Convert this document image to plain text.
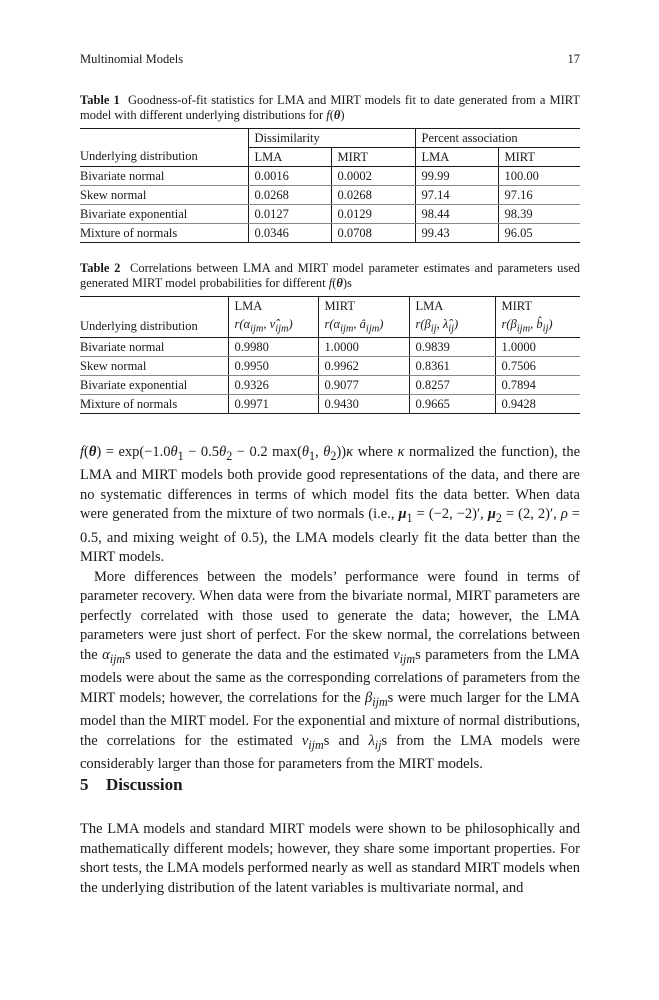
Multinomial Models	17
Table 1 Goodness-of-fit statistics for LMA and MIRT models fit to date generated from a MIRT model with different underlying distributions for f(θ)
	Dissimilarity		Percent association	
Underlying distribution	LMA	MIRT	LMA	MIRT
Bivariate normal	0.0016	0.0002	99.99	100.00
Skew normal	0.0268	0.0268	97.14	97.16
Bivariate exponential	0.0127	0.0129	98.44	98.39
Mixture of normals	0.0346	0.0708	99.43	96.05
Table 2 Correlations between LMA and MIRT model parameter estimates and parameters used generated MIRT model probabilities for different f(θ)s
	LMA	MIRT	LMA	MIRT
Underlying distribution	$r(\alpha_{ijm}$, $\nû_{ijm}$)	$r(\alpha_{ijm}$, $â_{ijm}$)	$r(\beta_{ij}$, $\lambdâ_{ij}$)	$r(\beta_{ijm}$, $b̂_{ij}$)
Bivariate normal	0.9980	1.0000	0.9839	1.0000
Skew normal	0.9950	0.9962	0.8361	0.7506
Bivariate exponential	0.9326	0.9077	0.8257	0.7894
Mixture of normals	0.9971	0.9430	0.9665	0.9428

$f(\theta) = \exp(-1.0\theta_1 - 0.5\theta_2 - 0.2$ $\max(\theta_1$, $\theta_2))\kappa$ where κ normalized the function), the LMA and MIRT models both provide good representations of the data, and there are no systematic differences in terms of which model fits the data better. When data were generated from the mixture of two normals (i.e., $\mu_1 = (-2$, −2)′, $\mu_2 = (2$, 2)′, ρ = 0.5, and mixing weight of 0.5), the LMA models clearly fit the data better than the MIRT models.

More differences between the models’ performance were found in terms of parameter recovery. When data were from the bivariate normal, MIRT parameters are perfectly correlated with those used to generate the data; however, the LMA parameters were just short of perfect. For the skew normal, the correlations between the $\alpha_{ijm}s$ used to generate the data and the estimated $\nu_{ijm}s$ parameters from the LMA models were about the same as the corresponding correlations of parameters from the MIRT models; however, the correlations for the $\beta_{ijm}s$ were much larger for the LMA model than the MIRT model. For the exponential and mixture of normal distributions, the correlations for the estimated $\nu_{ijm}s$ and $\lambda_{ij}s$ from the LMA models were considerably larger than those for parameters from the MIRT models.

5 Discussion

The LMA models and standard MIRT models were shown to be philosophically and mathematically different models; however, they share some important properties. For short tests, the LMA models performed nearly as well as standard MIRT models when the underlying distribution of the latent variables is multivariate normal, and
